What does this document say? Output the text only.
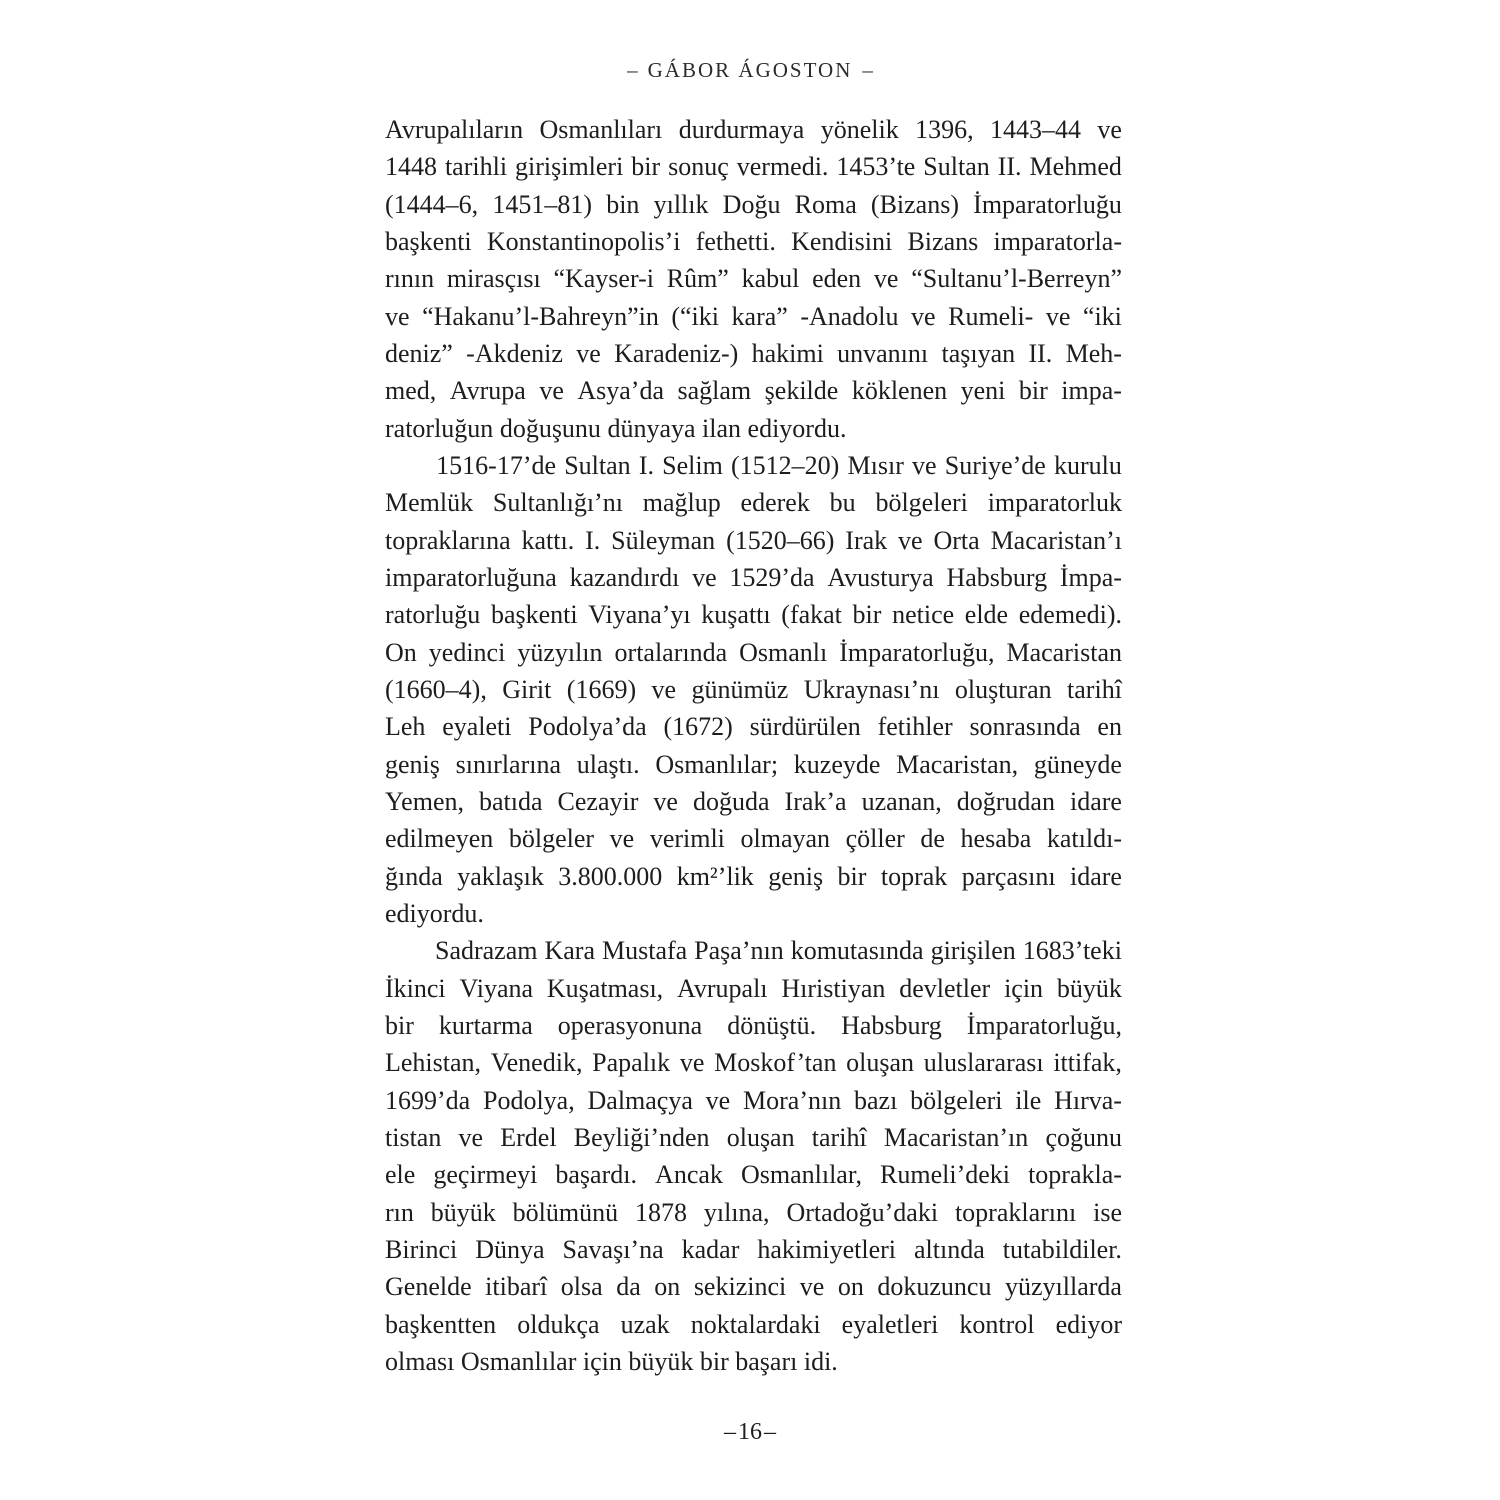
– GÁBOR ÁGOSTON –
Avrupalıların Osmanlıları durdurmaya yönelik 1396, 1443–44 ve
1448 tarihli girişimleri bir sonuç vermedi. 1453’te Sultan II. Mehmed
(1444–6, 1451–81) bin yıllık Doğu Roma (Bizans) İmparatorluğu
başkenti Konstantinopolis’i fethetti. Kendisini Bizans imparatorla-
rının mirasçısı “Kayser-i Rûm” kabul eden ve “Sultanu’l-Berreyn”
ve “Hakanu’l-Bahreyn”in (“iki kara” -Anadolu ve Rumeli- ve “iki
deniz” -Akdeniz ve Karadeniz-) hakimi unvanını taşıyan II. Meh-
med, Avrupa ve Asya’da sağlam şekilde köklenen yeni bir impa-
ratorluğun doğuşunu dünyaya ilan ediyordu.
1516-17’de Sultan I. Selim (1512–20) Mısır ve Suriye’de kurulu
Memlük Sultanlığı’nı mağlup ederek bu bölgeleri imparatorluk
topraklarına kattı. I. Süleyman (1520–66) Irak ve Orta Macaristan’ı
imparatorluğuna kazandırdı ve 1529’da Avusturya Habsburg İmpa-
ratorluğu başkenti Viyana’yı kuşattı (fakat bir netice elde edemedi).
On yedinci yüzyılın ortalarında Osmanlı İmparatorluğu, Macaristan
(1660–4), Girit (1669) ve günümüz Ukraynası’nı oluşturan tarihî
Leh eyaleti Podolya’da (1672) sürdürülen fetihler sonrasında en
geniş sınırlarına ulaştı. Osmanlılar; kuzeyde Macaristan, güneyde
Yemen, batıda Cezayir ve doğuda Irak’a uzanan, doğrudan idare
edilmeyen bölgeler ve verimli olmayan çöller de hesaba katıldı-
ğında yaklaşık 3.800.000 km²’lik geniş bir toprak parçasını idare
ediyordu.
Sadrazam Kara Mustafa Paşa’nın komutasında girişilen 1683’teki
İkinci Viyana Kuşatması, Avrupalı Hıristiyan devletler için büyük
bir kurtarma operasyonuna dönüştü. Habsburg İmparatorluğu,
Lehistan, Venedik, Papalık ve Moskof’tan oluşan uluslararası ittifak,
1699’da Podolya, Dalmaçya ve Mora’nın bazı bölgeleri ile Hırva-
tistan ve Erdel Beyliği’nden oluşan tarihî Macaristan’ın çoğunu
ele geçirmeyi başardı. Ancak Osmanlılar, Rumeli’deki toprakla-
rın büyük bölümünü 1878 yılına, Ortadoğu’daki topraklarını ise
Birinci Dünya Savaşı’na kadar hakimiyetleri altında tutabildiler.
Genelde itibarî olsa da on sekizinci ve on dokuzuncu yüzyıllarda
başkentten oldukça uzak noktalardaki eyaletleri kontrol ediyor
olması Osmanlılar için büyük bir başarı idi.
–16–
